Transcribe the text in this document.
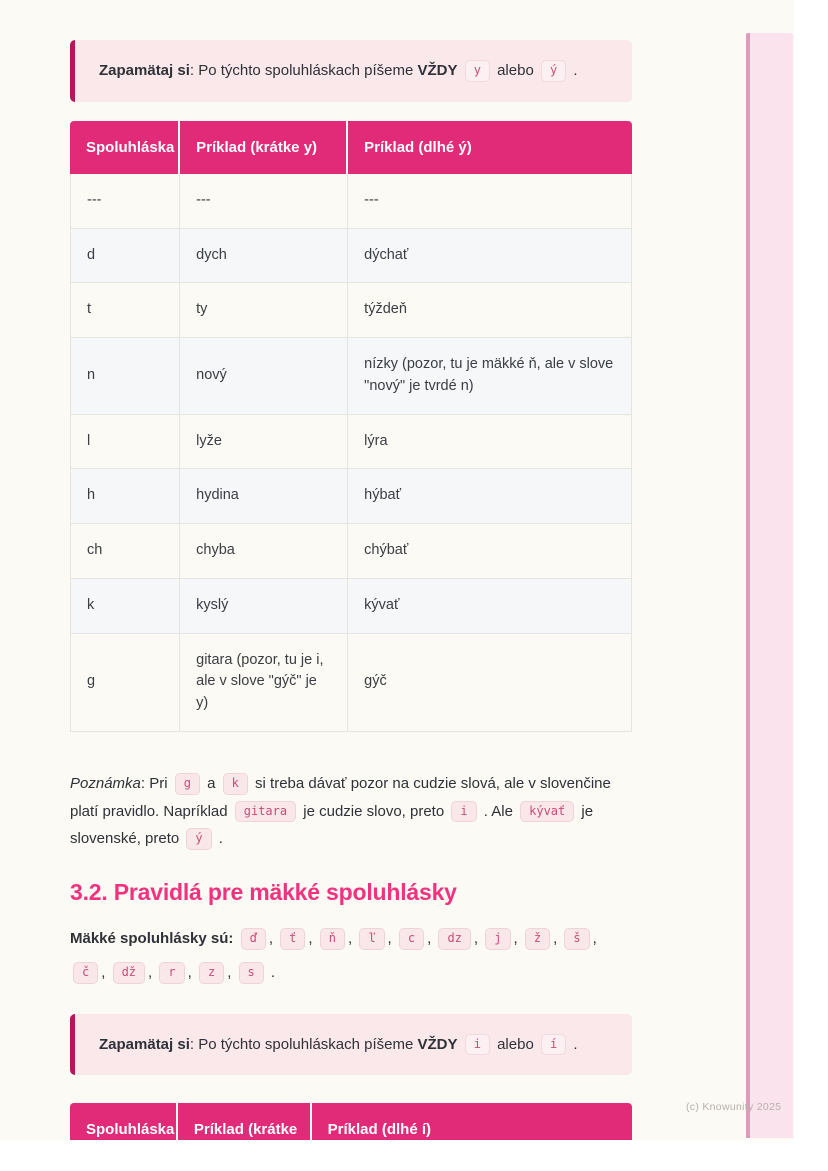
Zapamätaj si: Po týchto spoluhláskach píšeme VŽDY y alebo ý .
Spoluhláska	Príklad (krátke y)	Príklad (dlhé ý)
---	---	---
d	dych	dýchať
t	ty	týždeň
n	nový	nízky (pozor, tu je mäkké ň, ale v slove "nový" je tvrdé n)
l	lyže	lýra
h	hydina	hýbať
ch	chyba	chýbať
k	kyslý	kývať
g	gitara (pozor, tu je i, ale v slove "gýč" je y)	gýč

Poznámka: Pri g a k si treba dávať pozor na cudzie slová, ale v slovenčine platí pravidlo. Napríklad gitara je cudzie slovo, preto i . Ale kývať je slovenské, preto ý .

3.2. Pravidlá pre mäkké spoluhlásky

Mäkké spoluhlásky sú: ď , ť , ň , ľ , c , dz , j , ž , š , č , dž , r , z , s .

Zapamätaj si: Po týchto spoluhláskach píšeme VŽDY i alebo í .
Spoluhláska	Príklad (krátke	Príklad (dlhé í)
(c) Knowunity 2025
